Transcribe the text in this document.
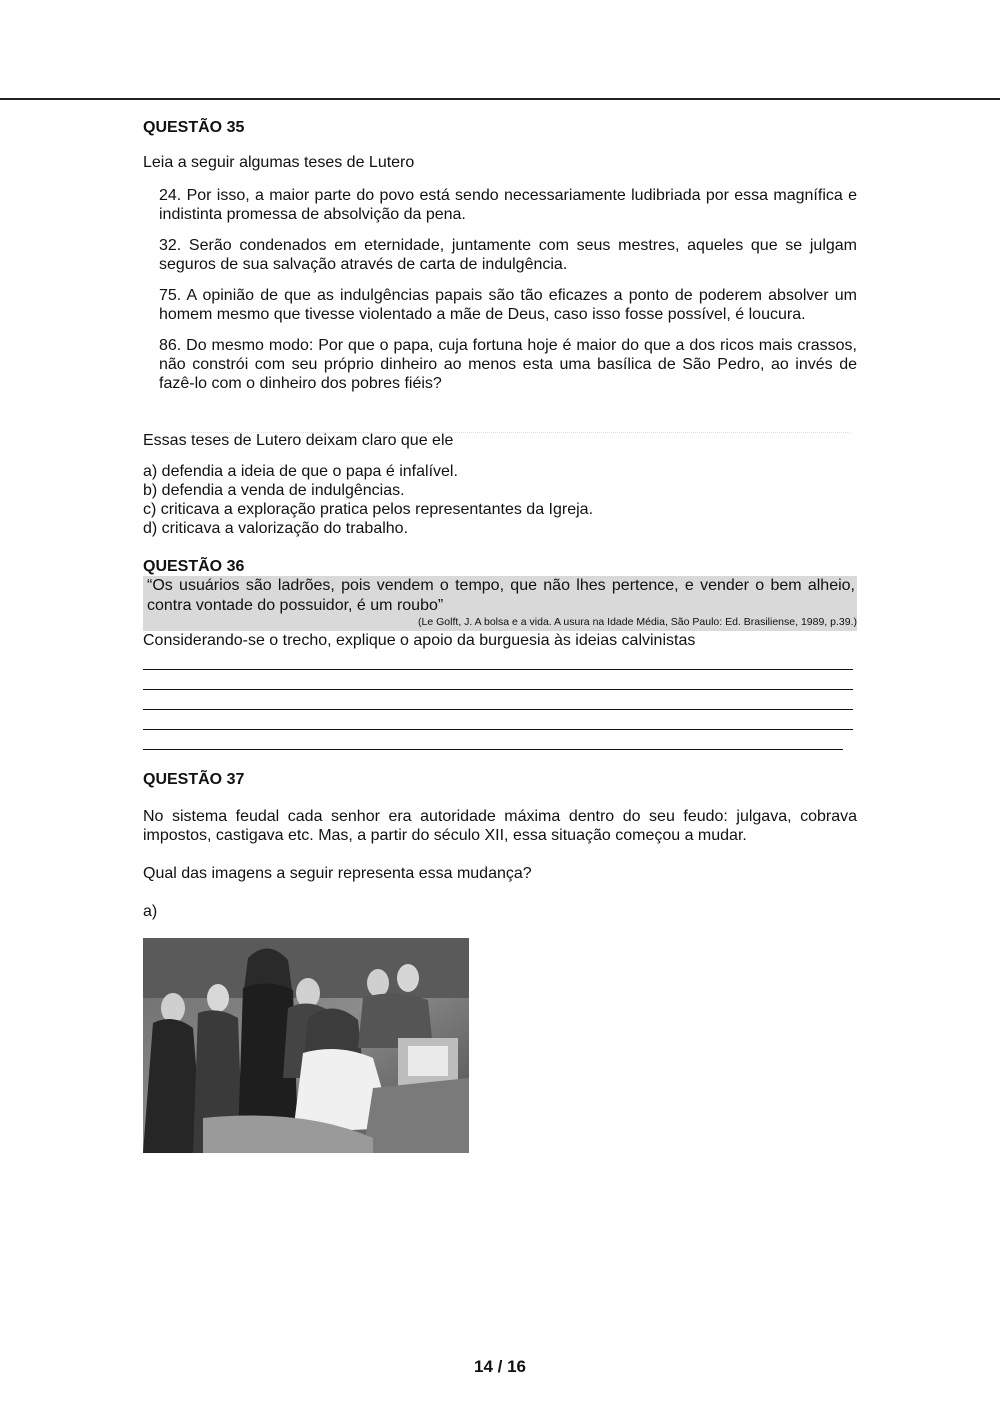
QUESTÃO 35
Leia a seguir algumas teses de Lutero
24. Por isso, a maior parte do povo está sendo necessariamente ludibriada por essa magnífica e indistinta promessa de absolvição da pena.
32. Serão condenados em eternidade, juntamente com seus mestres, aqueles que se julgam seguros de sua salvação através de carta de indulgência.
75. A opinião de que as indulgências papais são tão eficazes a ponto de poderem absolver um homem mesmo que tivesse violentado a mãe de Deus, caso isso fosse possível, é loucura.
86. Do mesmo modo: Por que o papa, cuja fortuna hoje é maior do que a dos ricos mais crassos, não constrói com seu próprio dinheiro ao menos esta uma basílica de São Pedro, ao invés de fazê-lo com o dinheiro dos pobres fiéis?
Essas teses de Lutero deixam claro que ele
a) defendia a ideia de que o papa é infalível.
b) defendia a venda de indulgências.
c) criticava a exploração pratica pelos representantes da Igreja.
d) criticava a valorização do trabalho.
QUESTÃO 36
“Os usuários são ladrões, pois vendem o tempo, que não lhes pertence, e vender o bem alheio, contra vontade do possuidor, é um roubo”
(Le Golft, J. A bolsa e a vida. A usura na Idade Média, São Paulo: Ed. Brasiliense, 1989, p.39.)
Considerando-se o trecho, explique o apoio da burguesia às ideias calvinistas
QUESTÃO 37
No sistema feudal cada senhor era autoridade máxima dentro do seu feudo: julgava, cobrava impostos, castigava etc. Mas, a partir do século XII, essa situação começou a mudar.
Qual das imagens a seguir representa essa mudança?
a)
14 / 16
